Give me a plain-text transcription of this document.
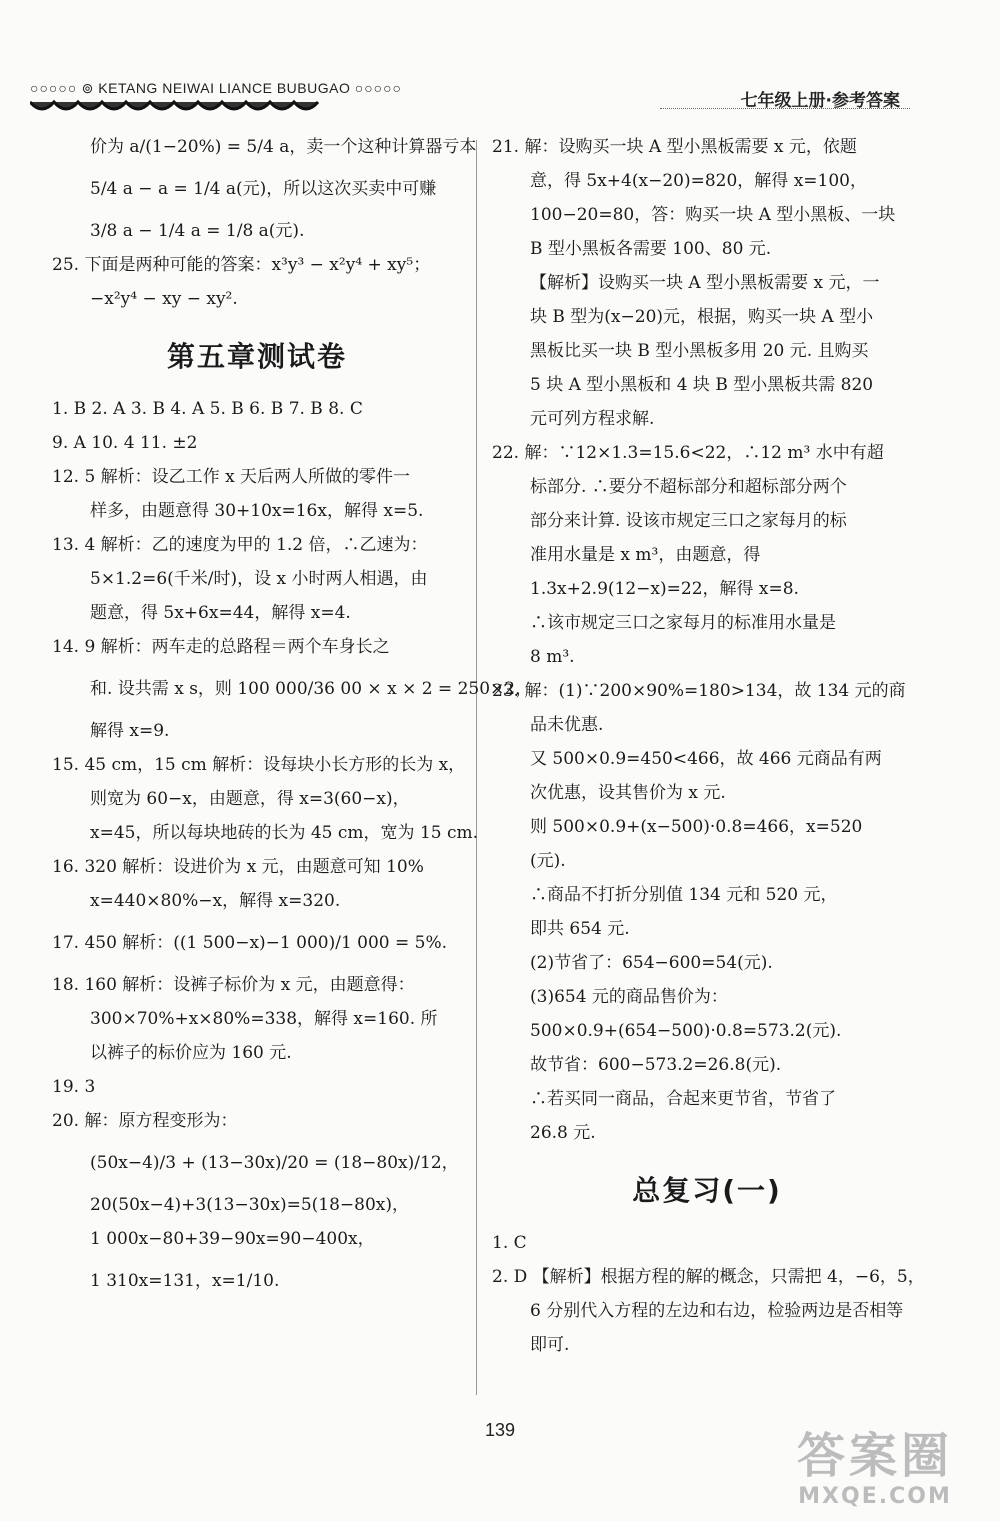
○○○○○ ⊚ KETANG NEIWAI LIANCE BUBUGAO ○○○○○
七年级上册·参考答案
价为 a/(1−20%) = 5/4 a，卖一个这种计算器亏本
5/4 a − a = 1/4 a(元)，所以这次买卖中可赚
3/8 a − 1/4 a = 1/8 a(元).
25. 下面是两种可能的答案：x³y³ − x²y⁴ + xy⁵；
−x²y⁴ − xy − xy².
第五章测试卷
1. B 2. A 3. B 4. A 5. B 6. B 7. B 8. C
9. A 10. 4 11. ±2
12. 5 解析：设乙工作 x 天后两人所做的零件一
样多，由题意得 30+10x=16x，解得 x=5.
13. 4 解析：乙的速度为甲的 1.2 倍，∴乙速为：
5×1.2=6(千米/时)，设 x 小时两人相遇，由
题意，得 5x+6x=44，解得 x=4.
14. 9 解析：两车走的总路程＝两个车身长之
和. 设共需 x s，则 100 000/36 00 × x × 2 = 250×2，
解得 x=9.
15. 45 cm，15 cm 解析：设每块小长方形的长为 x，
则宽为 60−x，由题意，得 x=3(60−x)，
x=45，所以每块地砖的长为 45 cm，宽为 15 cm.
16. 320 解析：设进价为 x 元，由题意可知 10%
x=440×80%−x，解得 x=320.
17. 450 解析：((1 500−x)−1 000)/1 000 = 5%.
18. 160 解析：设裤子标价为 x 元，由题意得：
300×70%+x×80%=338，解得 x=160. 所
以裤子的标价应为 160 元.
19. 3
20. 解：原方程变形为：
(50x−4)/3 + (13−30x)/20 = (18−80x)/12，
20(50x−4)+3(13−30x)=5(18−80x)，
1 000x−80+39−90x=90−400x，
1 310x=131，x=1/10.
21. 解：设购买一块 A 型小黑板需要 x 元，依题
意，得 5x+4(x−20)=820，解得 x=100，
100−20=80，答：购买一块 A 型小黑板、一块
B 型小黑板各需要 100、80 元.
【解析】设购买一块 A 型小黑板需要 x 元，一
块 B 型为(x−20)元，根据，购买一块 A 型小
黑板比买一块 B 型小黑板多用 20 元. 且购买
5 块 A 型小黑板和 4 块 B 型小黑板共需 820
元可列方程求解.
22. 解：∵12×1.3=15.6<22，∴12 m³ 水中有超
标部分. ∴要分不超标部分和超标部分两个
部分来计算. 设该市规定三口之家每月的标
准用水量是 x m³，由题意，得
1.3x+2.9(12−x)=22，解得 x=8.
∴该市规定三口之家每月的标准用水量是
8 m³.
23. 解：(1)∵200×90%=180>134，故 134 元的商
品未优惠.
又 500×0.9=450<466，故 466 元商品有两
次优惠，设其售价为 x 元.
则 500×0.9+(x−500)·0.8=466，x=520
(元).
∴商品不打折分别值 134 元和 520 元，
即共 654 元.
(2)节省了：654−600=54(元).
(3)654 元的商品售价为：
500×0.9+(654−500)·0.8=573.2(元).
故节省：600−573.2=26.8(元).
∴若买同一商品，合起来更节省，节省了
26.8 元.
总复习(一)
1. C
2. D 【解析】根据方程的解的概念，只需把 4，−6，5，
6 分别代入方程的左边和右边，检验两边是否相等
即可.
139	答案圈
MXQE.COM
